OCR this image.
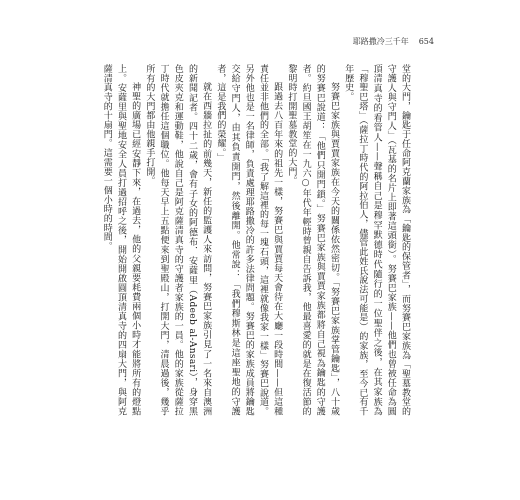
耶路撒冷三千年 654

堂的大門，鑰匙于任命阿克蘭家族為「鑰匙的保管者」，而努賽巴家族為「聖墓教堂的守護人與守門人」（瓦基的名片上即著這頭銜）。努賽巴家族——他們也曾被任命為圓頂清真寺的看管人——聲稱自己是穆罕默德時代隨行的一位聖伴之後，在其家族為「穆聖巴塔」（薩拉丁時代的阿拉伯人，儘管此姓氏說法可能是）的家族，至今已有千年歷史。

努賽巴家族與賈賈家族在今天的關係依然密切。「努賽巴家族掌管鑰匙」，八十歲的努賽巴說道：「他們只開門鎖。」努賽巴家族與賈賈家族都將自己視為鑰匙的守護者。約旦國王胡笙在一九六○年代年輕時曾親自告訴我，他最喜愛的就是在復活節的黎明時打開聖墓教堂的大門。

跟過去八百年來的祖先一樣，努賽巴與賈賈每天會待在大廳一段時間——但這種責任並非他們的全部。「我了解這裡的每一塊石頭，這裡就像我家一樣」努賽巴說道。另外他也是一名律師，負責處理耶路撒冷的許多法律問題。努賽巴的家族成員將鑰匙交給守門人，由其負責開門，然後離開。他常說：「我們穆斯林是這座聖地的守護者，這是我們的榮耀。」

就在西牆拉扯的前幾天，新任的監護人來訪問，努賽巴家族引見了一名來自澳洲的新聞記者。四十二歲，會有子女的阿德布．安薩里（Adeeb al-Ansari），身穿黑色皮夾克和運動鞋，他說自己是阿克薩清真寺的守護者家族的一員。他的家族從薩拉丁時代就擔任這個職位。他每天早上五點便來到聖殿山，打開大門，清晨過後，幾乎所有的大門都由他親手打開。

神聖的廣場已經安靜下來，在過去，他的父親要耗費兩個小時才能將所有的燈點上。安薩里與聖地安全人員打過招呼之後，開始開啟圓頂清真寺的四扇大門，與阿克薩清真寺的十扇門。這需要一個小時的時間。
